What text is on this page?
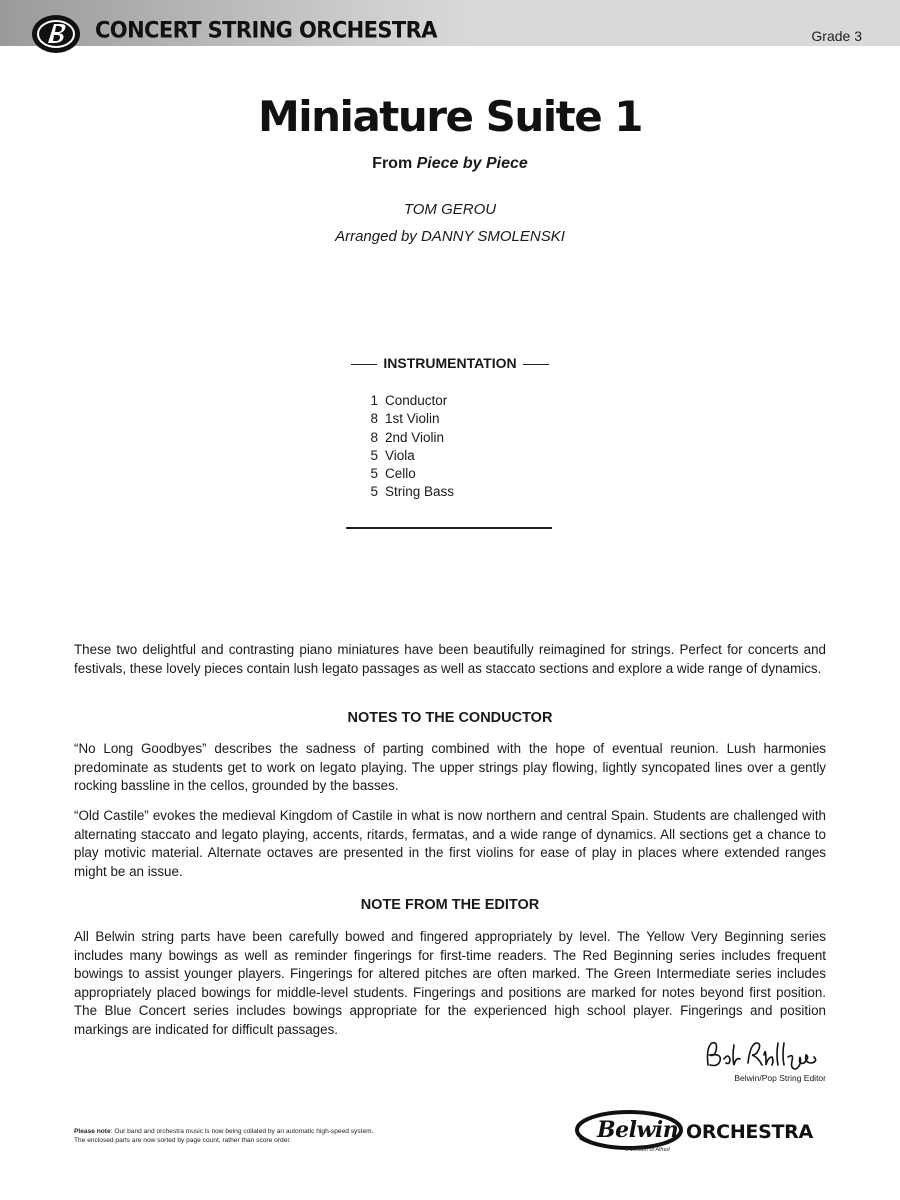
CONCERT STRING ORCHESTRA	Grade 3
Miniature Suite 1
From Piece by Piece
TOM GEROU
Arranged by DANNY SMOLENSKI
INSTRUMENTATION
1 Conductor
8 1st Violin
8 2nd Violin
5 Viola
5 Cello
5 String Bass

These two delightful and contrasting piano miniatures have been beautifully reimagined for strings. Perfect for concerts and festivals, these lovely pieces contain lush legato passages as well as staccato sections and explore a wide range of dynamics.

NOTES TO THE CONDUCTOR

“No Long Goodbyes” describes the sadness of parting combined with the hope of eventual reunion. Lush harmonies predominate as students get to work on legato playing. The upper strings play flowing, lightly syncopated lines over a gently rocking bassline in the cellos, grounded by the basses.

“Old Castile” evokes the medieval Kingdom of Castile in what is now northern and central Spain. Students are challenged with alternating staccato and legato playing, accents, ritards, fermatas, and a wide range of dynamics. All sections get a chance to play motivic material. Alternate octaves are presented in the first violins for ease of play in places where extended ranges might be an issue.

NOTE FROM THE EDITOR

All Belwin string parts have been carefully bowed and fingered appropriately by level. The Yellow Very Beginning series includes many bowings as well as reminder fingerings for first-time readers. The Red Beginning series includes frequent bowings to assist younger players. Fingerings for altered pitches are often marked. The Green Intermediate series includes appropriately placed bowings for middle-level students. Fingerings and positions are marked for notes beyond first position. The Blue Concert series includes bowings appropriate for the experienced high school player. Fingerings and position markings are indicated for difficult passages.

Belwin/Pop String Editor
Please note: Our band and orchestra music is now being collated by an automatic high-speed system.
The enclosed parts are now sorted by page count, rather than score order.	Belwin ORCHESTRA
a division of Alfred
